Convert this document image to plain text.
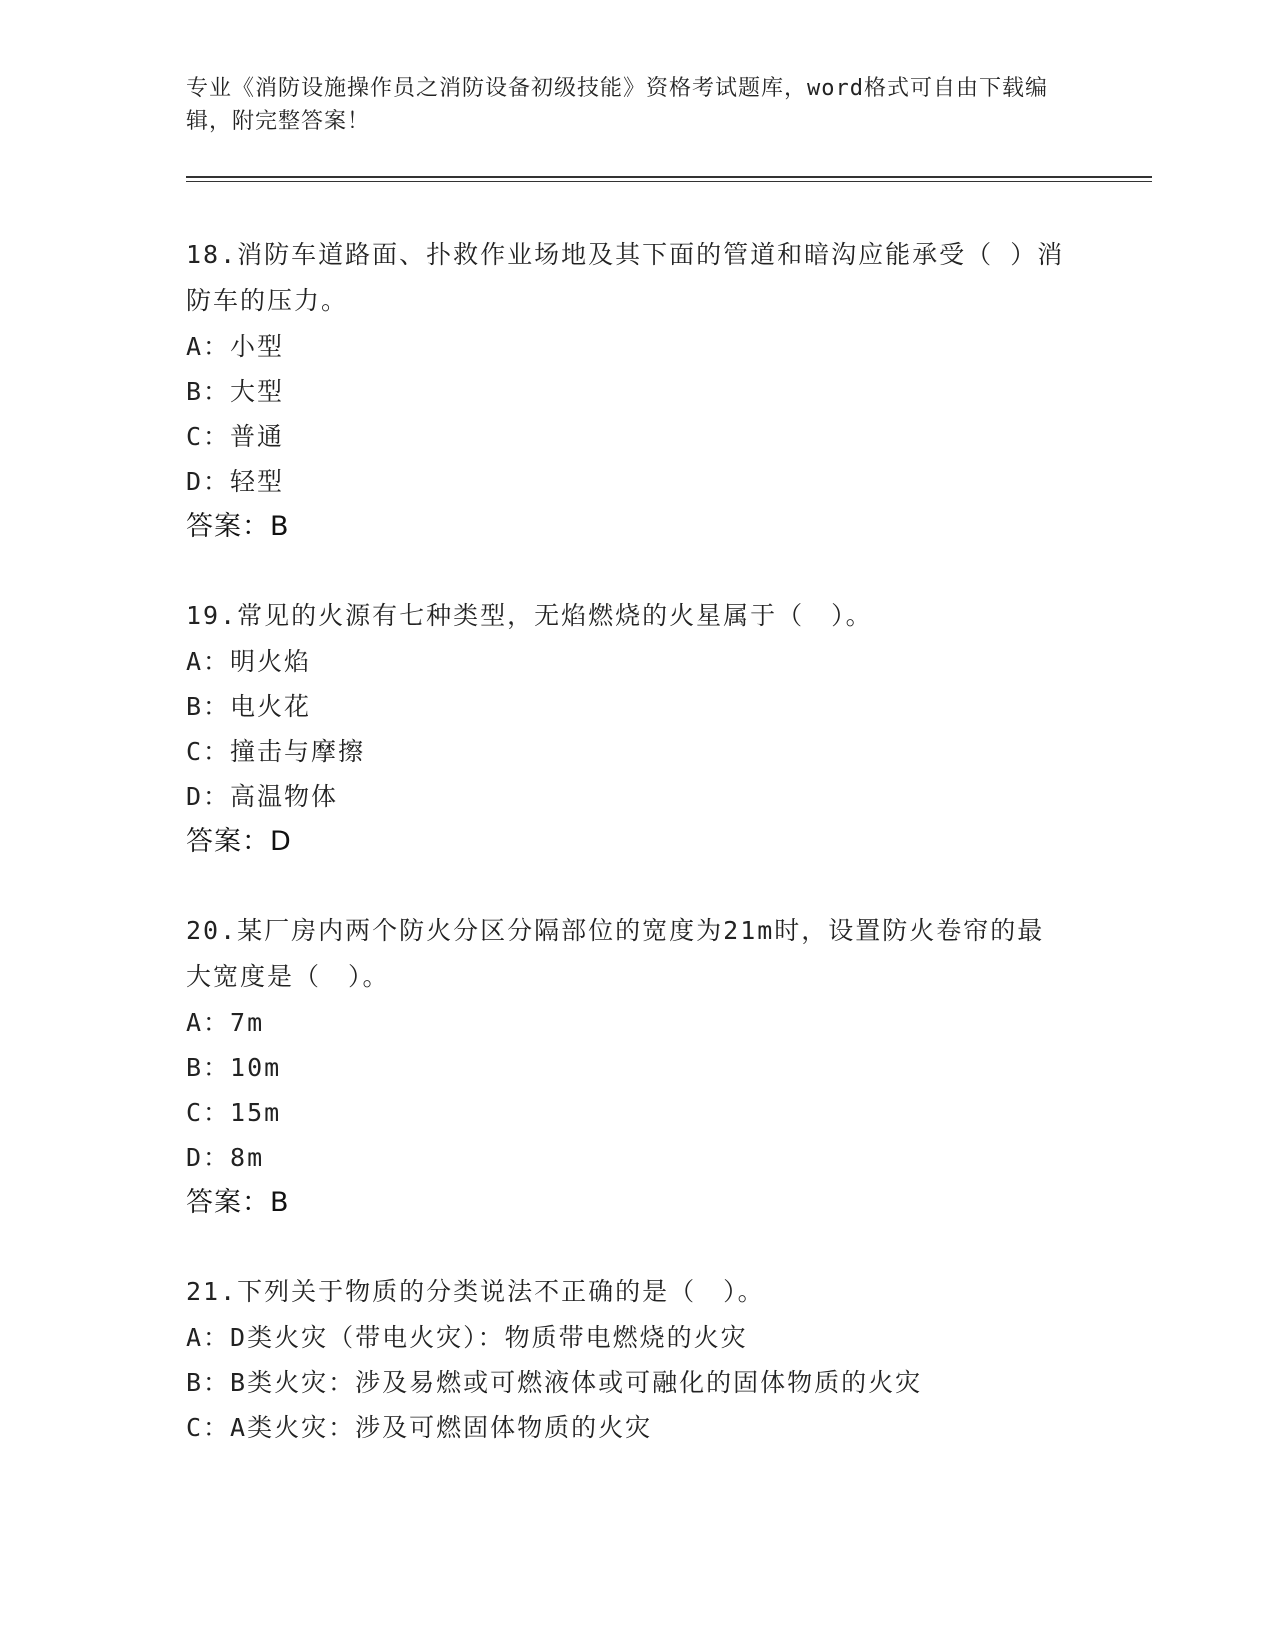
专业《消防设施操作员之消防设备初级技能》资格考试题库，word格式可自由下载编辑，附完整答案！

18.消防车道路面、扑救作业场地及其下面的管道和暗沟应能承受（ ）消防车的压力。

A：小型

B：大型

C：普通

D：轻型

答案：B

19.常见的火源有七种类型，无焰燃烧的火星属于（　）。

A：明火焰

B：电火花

C：撞击与摩擦

D：高温物体

答案：D

20.某厂房内两个防火分区分隔部位的宽度为21m时，设置防火卷帘的最大宽度是（　）。

A：7m

B：10m

C：15m

D：8m

答案：B

21.下列关于物质的分类说法不正确的是（　）。

A：D类火灾（带电火灾）：物质带电燃烧的火灾

B：B类火灾：涉及易燃或可燃液体或可融化的固体物质的火灾

C：A类火灾：涉及可燃固体物质的火灾
